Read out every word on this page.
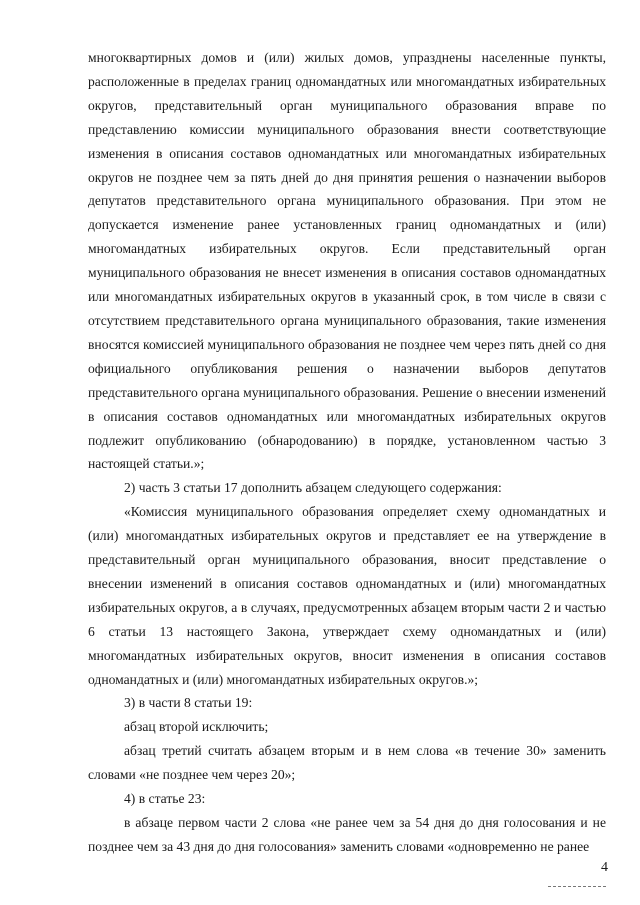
многоквартирных домов и (или) жилых домов, упразднены населенные пункты, расположенные в пределах границ одномандатных или многомандатных избирательных округов, представительный орган муниципального образования вправе по представлению комиссии муниципального образования внести соответствующие изменения в описания составов одномандатных или многомандатных избирательных округов не позднее чем за пять дней до дня принятия решения о назначении выборов депутатов представительного органа муниципального образования. При этом не допускается изменение ранее установленных границ одномандатных и (или) многомандатных избирательных округов. Если представительный орган муниципального образования не внесет изменения в описания составов одномандатных или многомандатных избирательных округов в указанный срок, в том числе в связи с отсутствием представительного органа муниципального образования, такие изменения вносятся комиссией муниципального образования не позднее чем через пять дней со дня официального опубликования решения о назначении выборов депутатов представительного органа муниципального образования. Решение о внесении изменений в описания составов одномандатных или многомандатных избирательных округов подлежит опубликованию (обнародованию) в порядке, установленном частью 3 настоящей статьи.»;

2) часть 3 статьи 17 дополнить абзацем следующего содержания:

«Комиссия муниципального образования определяет схему одномандатных и (или) многомандатных избирательных округов и представляет ее на утверждение в представительный орган муниципального образования, вносит представление о внесении изменений в описания составов одномандатных и (или) многомандатных избирательных округов, а в случаях, предусмотренных абзацем вторым части 2 и частью 6 статьи 13 настоящего Закона, утверждает схему одномандатных и (или) многомандатных избирательных округов, вносит изменения в описания составов одномандатных и (или) многомандатных избирательных округов.»;

3) в части 8 статьи 19:

абзац второй исключить;

абзац третий считать абзацем вторым и в нем слова «в течение 30» заменить словами «не позднее чем через 20»;

4) в статье 23:

в абзаце первом части 2 слова «не ранее чем за 54 дня до дня голосования и не позднее чем за 43 дня до дня голосования» заменить словами «одновременно не ранее

4
